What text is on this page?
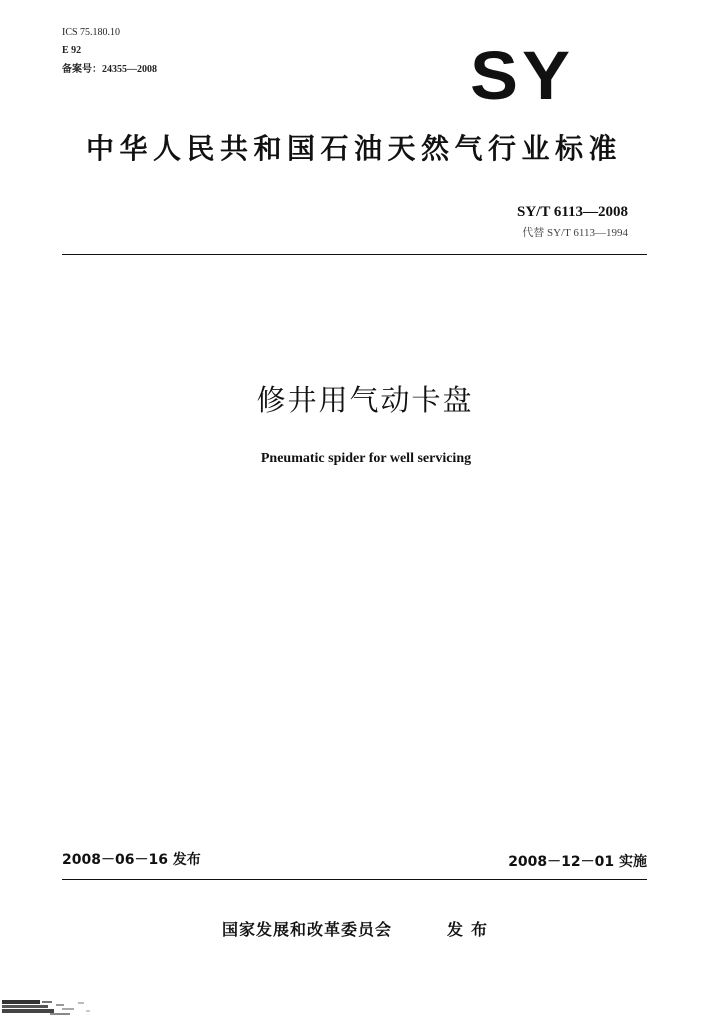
ICS 75.180.10
E 92
备案号：24355—2008	SY
中华人民共和国石油天然气行业标准
SY/T 6113—2008
代替 SY/T 6113—1994
修井用气动卡盘
Pneumatic spider for well servicing
2008－06－16 发布	2008－12－01 实施
国家发展和改革委员会	发布
